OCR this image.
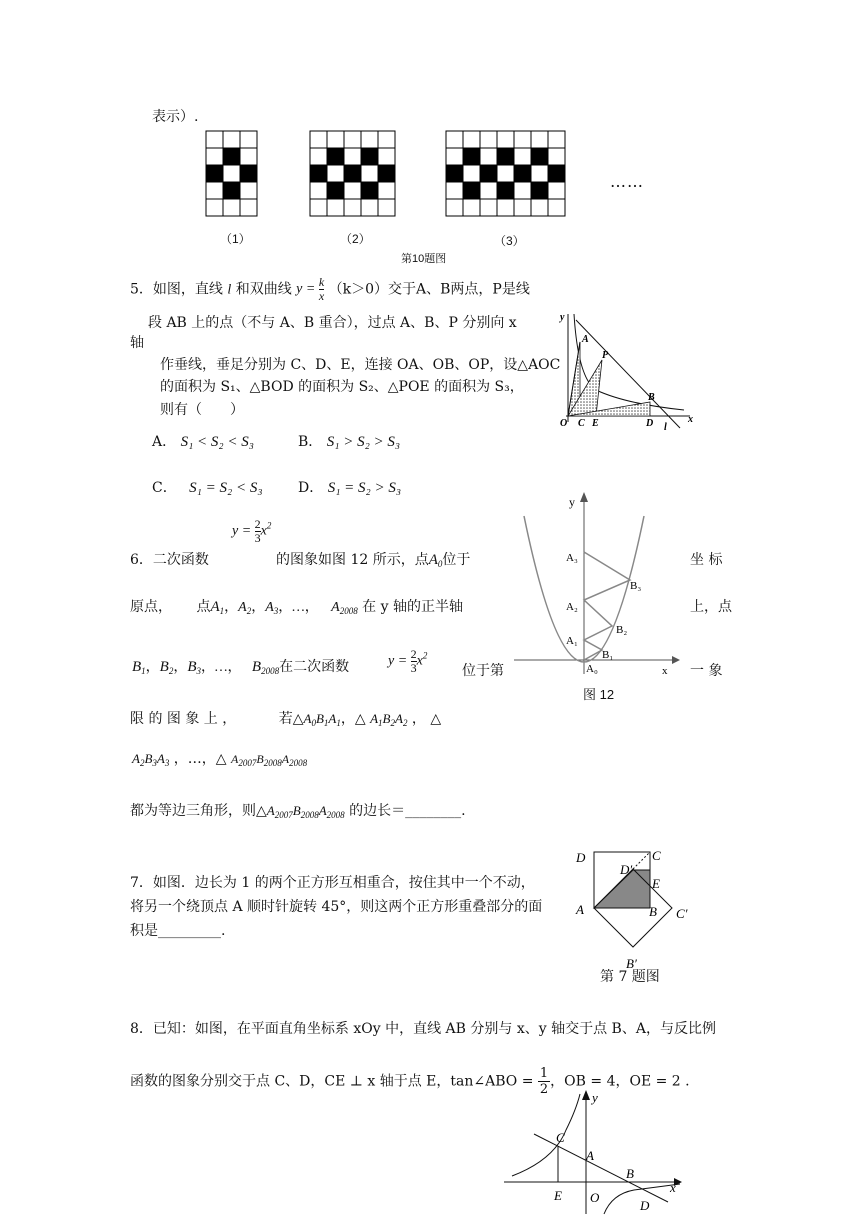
表示）.
（1）	（2）	（3）
……
第10题图
5．如图，直线 l 和双曲线 $y = \frac{k}{x} (k>0)$交于A、B两点，P是线
段 AB 上的点（不与 A、B 重合），过点 A、B、P 分别向 x
轴
作垂线，垂足分别为 C、D、E，连接 OA、OB、OP，设△AOC
的面积为 S₁、△BOD 的面积为 S₂、△POE 的面积为 S₃，
则有（　　）
A． S₁ < S₂ < S₃	B． S₁ > S₂ > S₃
C． S₁ = S₂ < S₃	D． S₁ = S₂ > S₃
y
A
P
B
O C E	D l
x
$y = \frac{2}{3} x^2$
6．二次函数	的图象如图 12 所示，点$A_0$位于	坐 标
原点， 点$A_1$，$A_2$，$A_3$，…， $A_{2008}$ 在 y 轴的正半轴	上，点
$y = \frac{2}{3} x^2$
$B_1$，$B_2$，$B_3$，…， $B_{2008}$在二次函数	位于第	一 象
限 的 图 象 上 ，	若$\triangle A_0B_1A_1$，△ $A_1B_2A_2$ ， △
$A_2B_3A_3$ ，…，△ $A_{2007}B_{2008}A_{2008}$
都为等边三角形，则$\triangle A_{2007}B_{2008}A_{2008}$ 的边长＝________.
y
A₃
B₃
A₂
B₂
A₁
B₁
A₀	x
图 12
7．如图．边长为 1 的两个正方形互相重合，按住其中一个不动，
将另一个绕顶点 A 顺时针旋转 45°，则这两个正方形重叠部分的面
积是_________.
D
D′
C
E
A	B C′
B′
第 7 题图
8．已知：如图，在平面直角坐标系 xOy 中，直线 AB 分别与 x、y 轴交于点 B、A，与反比例
函数的图象分别交于点 C、D，CE ⊥ x 轴于点 E，tan∠ABO = $\frac{1}{2}$ ，OB = 4，OE = 2 .
y
C
A
B
x
E O
D
